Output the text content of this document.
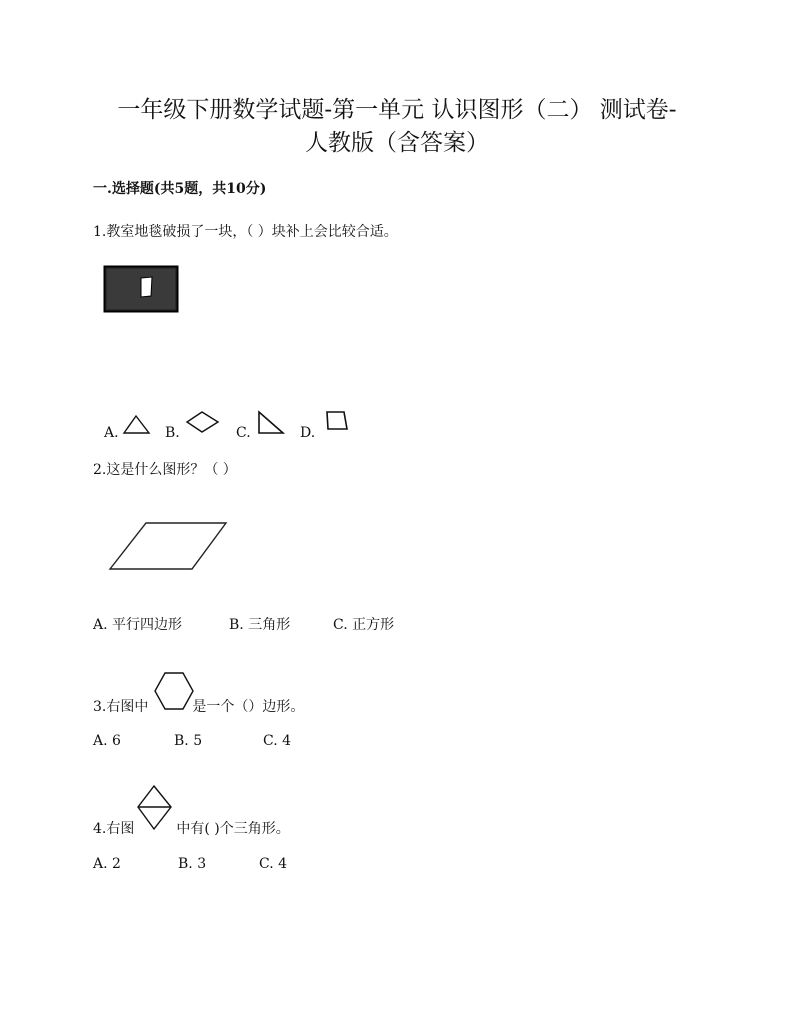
一年级下册数学试题-第一单元 认识图形（二） 测试卷-
人教版（含答案）
一.选择题(共5题，共10分)
1.教室地毯破损了一块，（ ）块补上会比较合适。
A.	B.	C.	D.
2.这是什么图形？（ ）
A. 平行四边形	B. 三角形	C. 正方形
3.右图中	是一个（）边形。
A. 6	B. 5	C. 4
4.右图	中有( )个三角形。
A. 2	B. 3	C. 4
